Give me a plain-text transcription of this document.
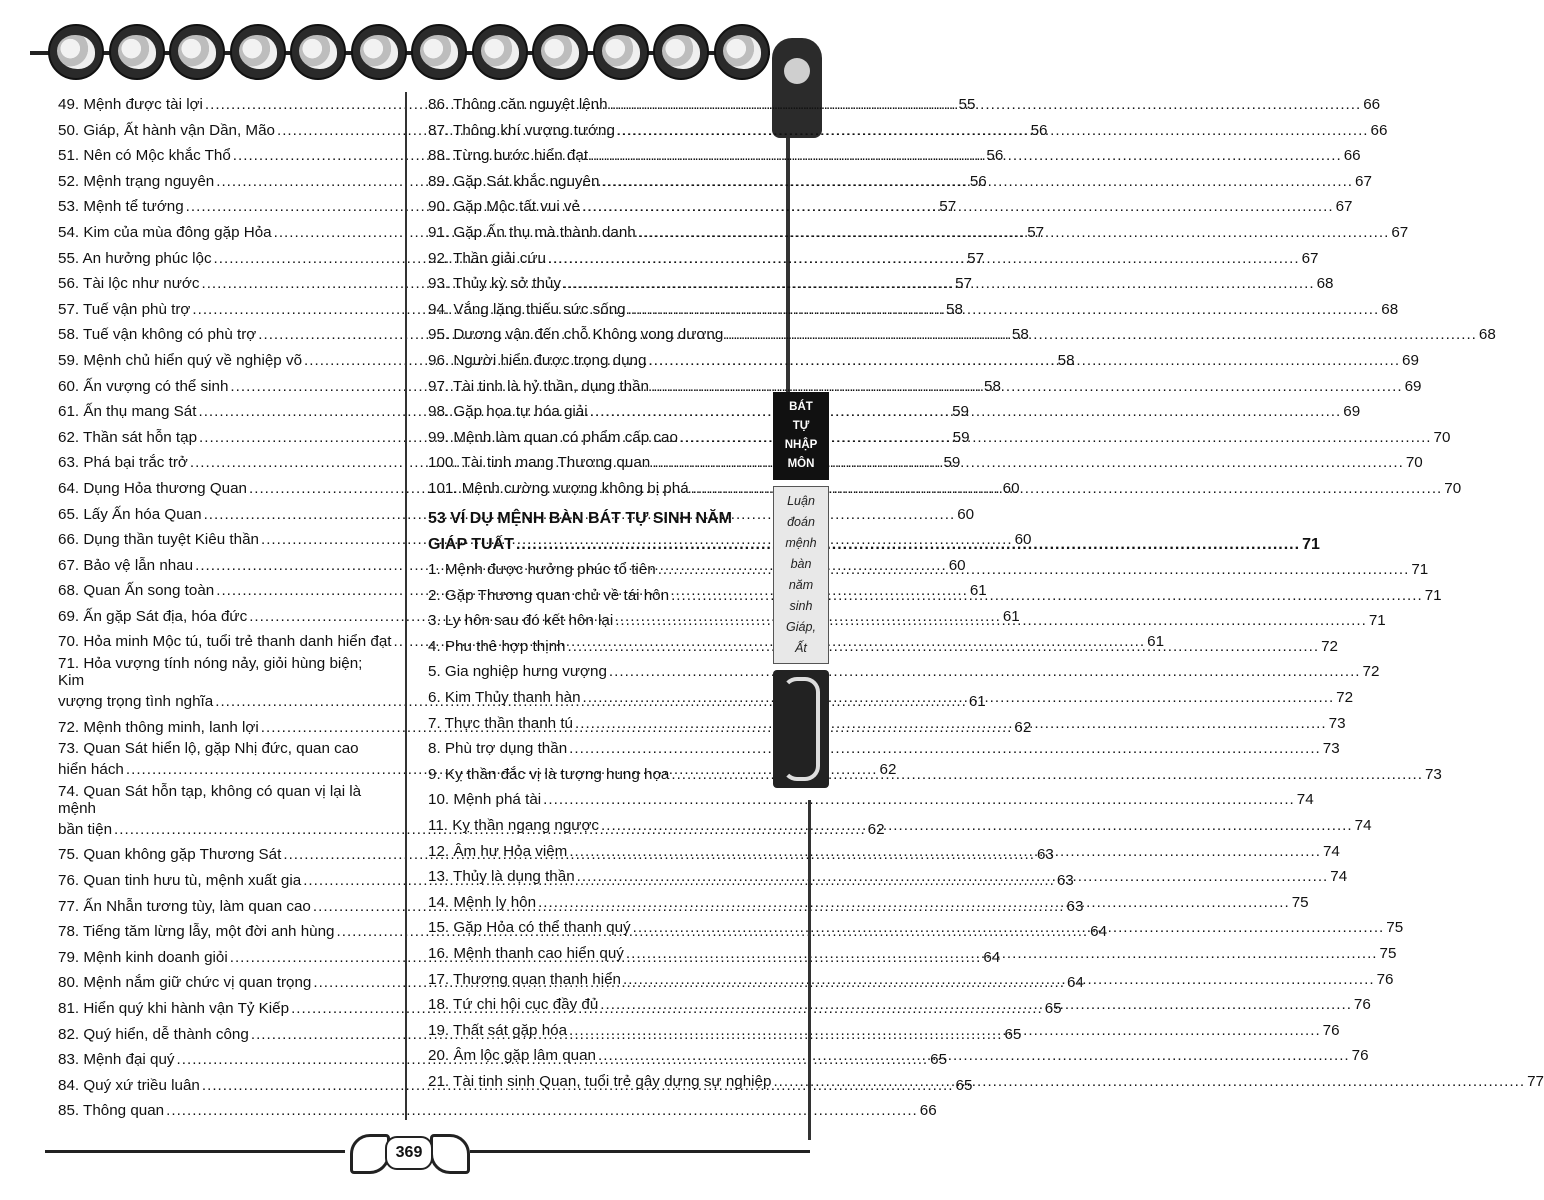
49. Mệnh được tài lợi .....	55
50. Giáp, Ất hành vận Dần, Mão .....	56
51. Nên có Mộc khắc Thổ .....	56
52. Mệnh trạng nguyên .....	56
53. Mệnh tể tướng .....	57
54. Kim của mùa đông gặp Hỏa .....	57
55. An hưởng phúc lộc .....	57
56. Tài lộc như nước .....	57
57. Tuế vận phù trợ .....	58
58. Tuế vận không có phù trợ .....	58
59. Mệnh chủ hiển quý về nghiệp võ .....	58
60. Ấn vượng có thể sinh .....	58
61. Ấn thụ mang Sát .....	59
62. Thần sát hỗn tạp .....	59
63. Phá bại trắc trở .....	59
64. Dụng Hỏa thương Quan .....	60
65. Lấy Ấn hóa Quan .....	60
66. Dụng thần tuyệt Kiêu thần .....	60
67. Bảo vệ lẫn nhau .....	60
68. Quan Ấn song toàn .....	61
69. Ấn gặp Sát địa, hóa đức .....	61
70. Hỏa minh Mộc tú, tuổi trẻ thanh danh hiển đạt .....	61
71. Hỏa vượng tính nóng nảy, giỏi hùng biện; Kim
vượng trọng tình nghĩa .....	61
72. Mệnh thông minh, lanh lợi .....	62
73. Quan Sát hiển lộ, gặp Nhị đức, quan cao
hiển hách .....	62
74. Quan Sát hỗn tạp, không có quan vị lại là mệnh
bần tiện .....	62
75. Quan không gặp Thương Sát .....	63
76. Quan tinh hưu tù, mệnh xuất gia .....	63
77. Ấn Nhẫn tương tùy, làm quan cao .....	63
78. Tiếng tăm lừng lẫy, một đời anh hùng .....	64
79. Mệnh kinh doanh giỏi .....	64
80. Mệnh nắm giữ chức vị quan trọng .....	64
81. Hiển quý khi hành vận Tỷ Kiếp .....	65
82. Quý hiển, dễ thành công .....	65
83. Mệnh đại quý .....	65
84. Quý xứ triều luân .....	65
85. Thông quan .....	66
86. Thông căn nguyệt lệnh .....	66
87. Thông khí vượng tướng .....	66
88. Từng bước hiển đạt .....	66
89. Gặp Sát khắc nguyên .....	67
90. Gặp Mộc tất vui vẻ .....	67
91. Gặp Ấn thụ mà thành danh .....	67
92. Thần giải cứu .....	67
93. Thủy kỳ sở thủy .....	68
94. Vắng lặng thiếu sức sống .....	68
95. Dương vận đến chỗ Không vong dương .....	68
96. Người hiển được trọng dụng .....	69
97. Tài tinh là hỷ thần, dụng thần .....	69
98. Gặp họa tự hóa giải .....	69
99. Mệnh làm quan có phẩm cấp cao .....	70
100. Tài tinh mang Thương quan .....	70
101. Mệnh cường vượng không bị phá .....	70
53 VÍ DỤ MỆNH BÀN BÁT TỰ SINH NĂM
GIÁP TUẤT .....	71
1. Mệnh được hưởng phúc tổ tiên .....	71
2. Gặp Thương quan chủ về tái hôn .....	71
3. Ly hôn sau đó kết hôn lại .....	71
4. Phu thê hợp thịnh .....	72
5. Gia nghiệp hưng vượng .....	72
6. Kim Thủy thanh hàn .....	72
7. Thực thần thanh tú .....	73
8. Phù trợ dụng thần .....	73
9. Kỵ thần đắc vị là tượng hung họa .....	73
10. Mệnh phá tài .....	74
11. Kỵ thần ngang ngược .....	74
12. Âm hư Hỏa viêm .....	74
13. Thủy là dụng thần .....	74
14. Mệnh ly hôn .....	75
15. Gặp Hỏa có thể thanh quý .....	75
16. Mệnh thanh cao hiển quý .....	75
17. Thương quan thanh hiển .....	76
18. Tứ chi hội cục đầy đủ .....	76
19. Thất sát gặp hóa .....	76
20. Âm lộc gặp lâm quan .....	76
21. Tài tinh sinh Quan, tuổi trẻ gây dựng sự nghiệp .....	77
BÁT
TỰ
NHẬP
MÔN
Luận
đoán
mệnh
bàn
năm
sinh
Giáp,
Ất
369
